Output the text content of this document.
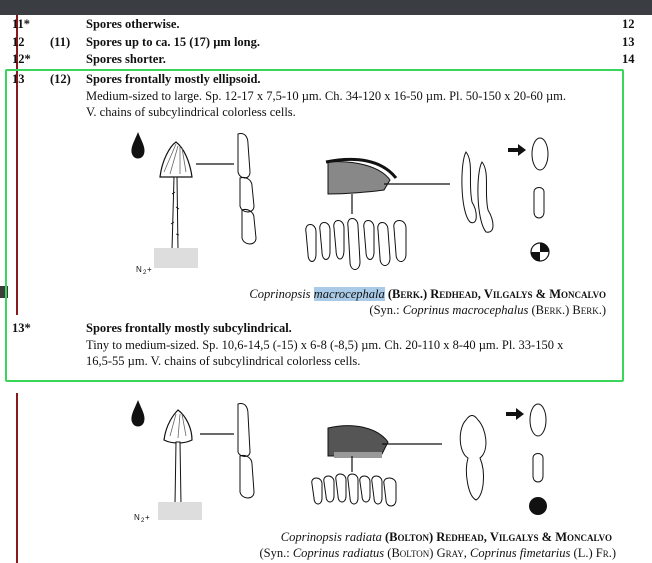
11*	Spores otherwise.	12
12 (11) Spores up to ca. 15 (17) µm long.	13
12*	Spores shorter.	14
13 (12) Spores frontally mostly ellipsoid.
Medium-sized to large. Sp. 12-17 x 7,5-10 µm. Ch. 34-120 x 16-50 µm. Pl. 50-150 x 20-60 µm.
V. chains of subcylindrical colorless cells.
N 2 +
Coprinopsis macrocephala (Berk.) Redhead, Vilgalys & Moncalvo
(Syn.: Coprinus macrocephalus (Berk.) Berk.)
13*	Spores frontally mostly subcylindrical.
Tiny to medium-sized. Sp. 10,6-14,5 (-15) x 6-8 (-8,5) µm. Ch. 20-110 x 8-40 µm. Pl. 33-150 x
16,5-55 µm. V. chains of subcylindrical colorless cells.
N 2 +
Coprinopsis radiata (Bolton) Redhead, Vilgalys & Moncalvo
(Syn.: Coprinus radiatus (Bolton) Gray, Coprinus fimetarius (L.) Fr.)
